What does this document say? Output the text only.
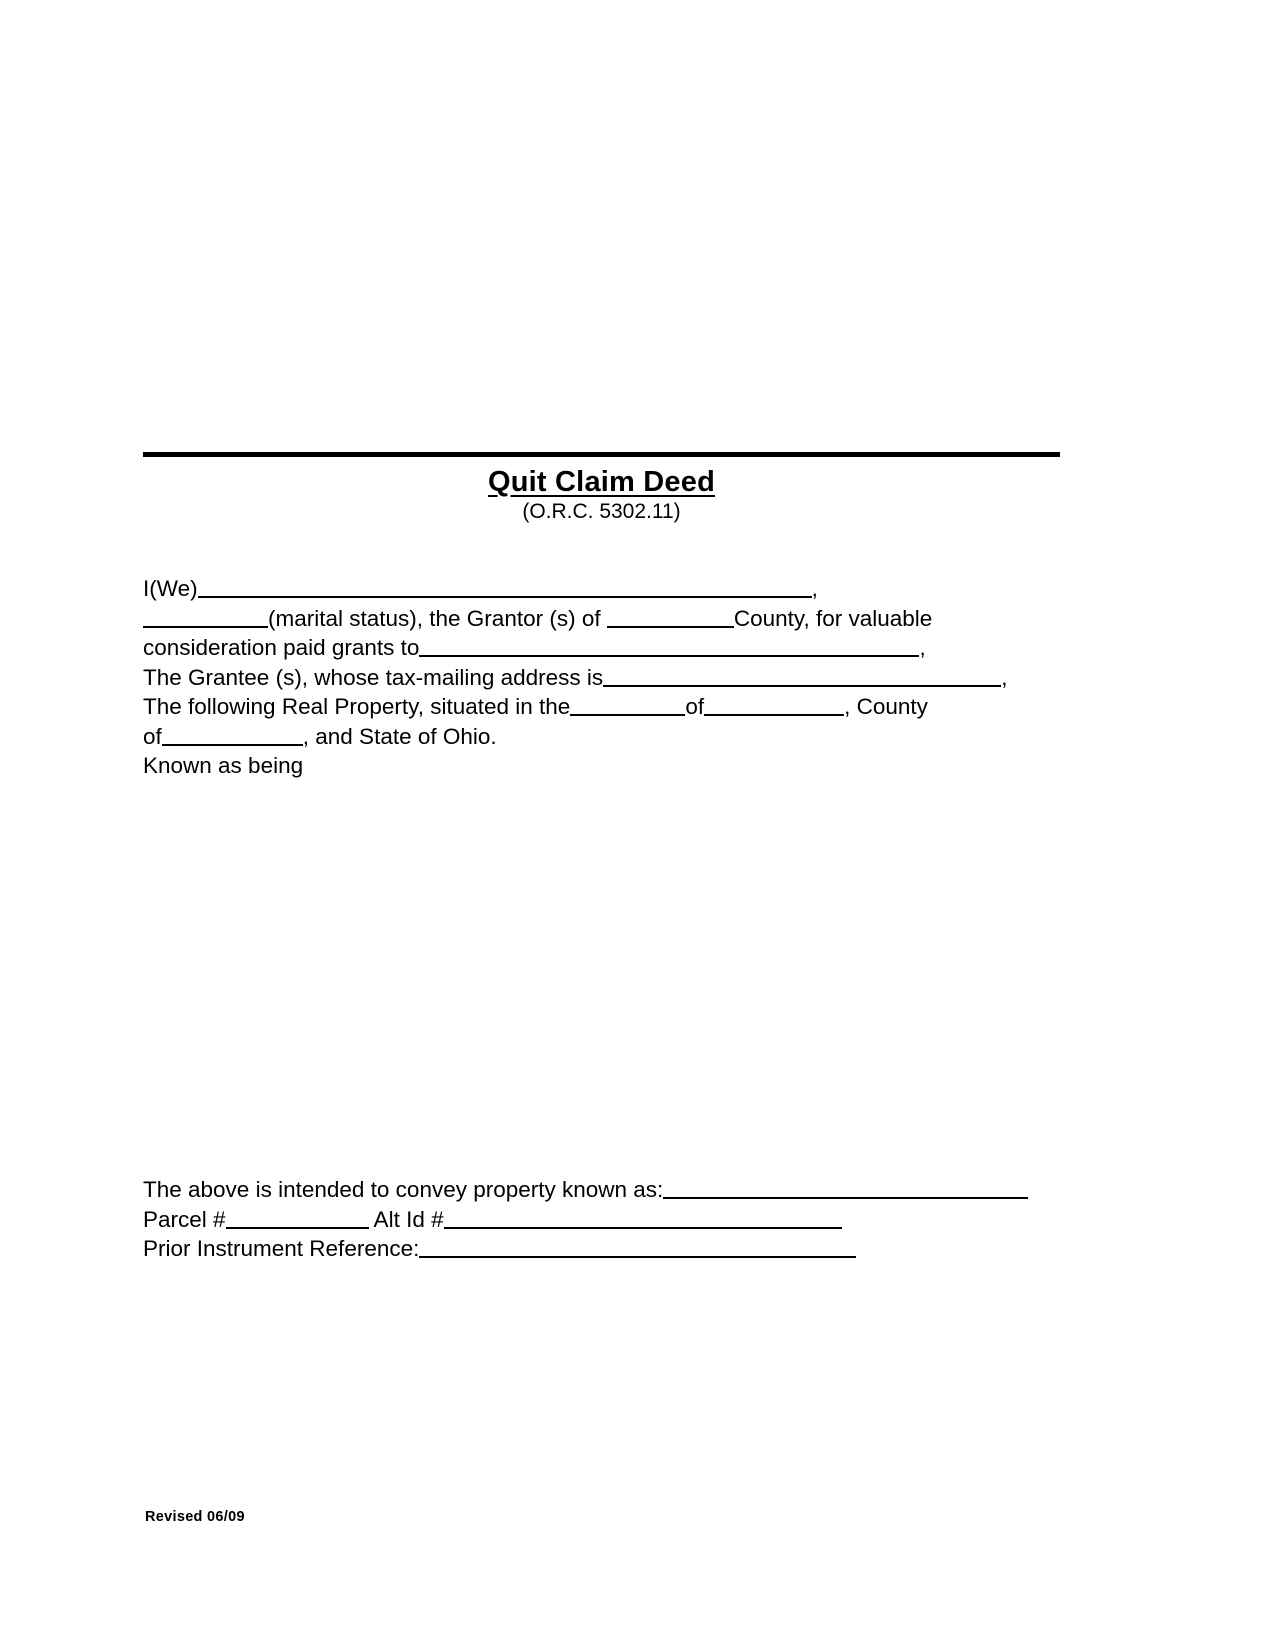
Quit Claim Deed
(O.R.C. 5302.11)
I(We)	,
(marital status), the Grantor (s) of	County, for valuable
consideration paid grants to	,
The Grantee (s), whose tax-mailing address is	,
The following Real Property, situated in the	of	, County
of	, and State of Ohio.
Known as being
The above is intended to convey property known as:
Parcel #	Alt Id #
Prior Instrument Reference:
Revised 06/09
